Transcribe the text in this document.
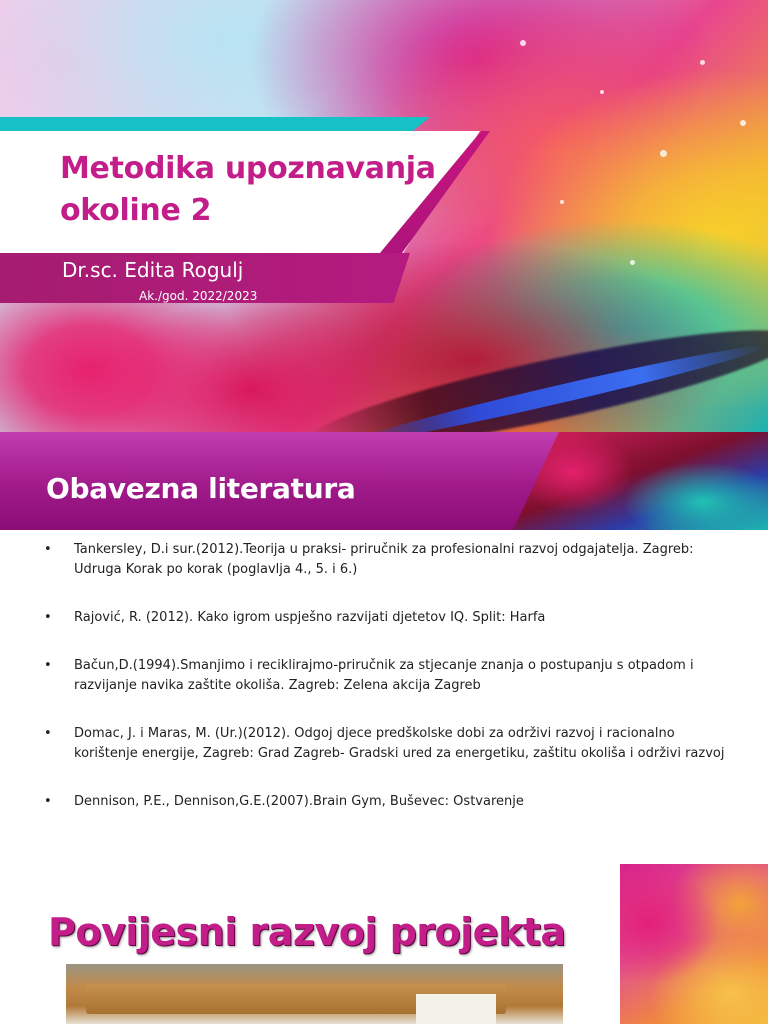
Metodika upoznavanja
okoline 2
Dr.sc. Edita Rogulj
Ak./god. 2022/2023
Obavezna literatura
• Tankersley, D.i sur.(2012).Teorija u praksi- priručnik za profesionalni razvoj odgajatelja. Zagreb: Udruga Korak po korak (poglavlja 4., 5. i 6.)
• Rajović, R. (2012). Kako igrom uspješno razvijati djetetov IQ. Split: Harfa
• Bačun,D.(1994).Smanjimo i reciklirajmo-priručnik za stjecanje znanja o postupanju s otpadom i razvijanje navika zaštite okoliša. Zagreb: Zelena akcija Zagreb
• Domac, J. i Maras, M. (Ur.)(2012). Odgoj djece predškolske dobi za održivi razvoj i racionalno korištenje energije, Zagreb: Grad Zagreb- Gradski ured za energetiku, zaštitu okoliša i održivi razvoj
• Dennison, P.E., Dennison,G.E.(2007).Brain Gym, Buševec: Ostvarenje
Povijesni razvoj projekta
